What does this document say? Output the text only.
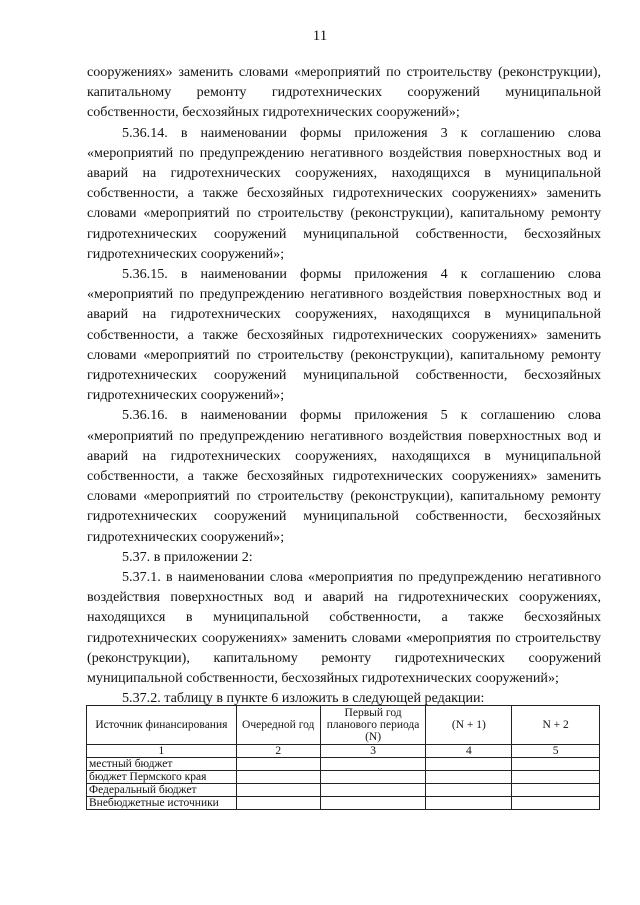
11

сооружениях» заменить словами «мероприятий по строительству (реконструкции), капитальному ремонту гидротехнических сооружений муниципальной собственности, бесхозяйных гидротехнических сооружений»;

5.36.14. в наименовании формы приложения 3 к соглашению слова «мероприятий по предупреждению негативного воздействия поверхностных вод и аварий на гидротехнических сооружениях, находящихся в муниципальной собственности, а также бесхозяйных гидротехнических сооружениях» заменить словами «мероприятий по строительству (реконструкции), капитальному ремонту гидротехнических сооружений муниципальной собственности, бесхозяйных гидротехнических сооружений»;

5.36.15. в наименовании формы приложения 4 к соглашению слова «мероприятий по предупреждению негативного воздействия поверхностных вод и аварий на гидротехнических сооружениях, находящихся в муниципальной собственности, а также бесхозяйных гидротехнических сооружениях» заменить словами «мероприятий по строительству (реконструкции), капитальному ремонту гидротехнических сооружений муниципальной собственности, бесхозяйных гидротехнических сооружений»;

5.36.16. в наименовании формы приложения 5 к соглашению слова «мероприятий по предупреждению негативного воздействия поверхностных вод и аварий на гидротехнических сооружениях, находящихся в муниципальной собственности, а также бесхозяйных гидротехнических сооружениях» заменить словами «мероприятий по строительству (реконструкции), капитальному ремонту гидротехнических сооружений муниципальной собственности, бесхозяйных гидротехнических сооружений»;

5.37. в приложении 2:

5.37.1. в наименовании слова «мероприятия по предупреждению негативного воздействия поверхностных вод и аварий на гидротехнических сооружениях, находящихся в муниципальной собственности, а также бесхозяйных гидротехнических сооружениях» заменить словами «мероприятия по строительству (реконструкции), капитальному ремонту гидротехнических сооружений муниципальной собственности, бесхозяйных гидротехнических сооружений»;

5.37.2. таблицу в пункте 6 изложить в следующей редакции:

Источник финансирования	Очередной год	Первый год планового периода (N)	(N + 1)	N + 2
1	2	3	4	5
местный бюджет				
бюджет Пермского края				
Федеральный бюджет				
Внебюджетные источники				
